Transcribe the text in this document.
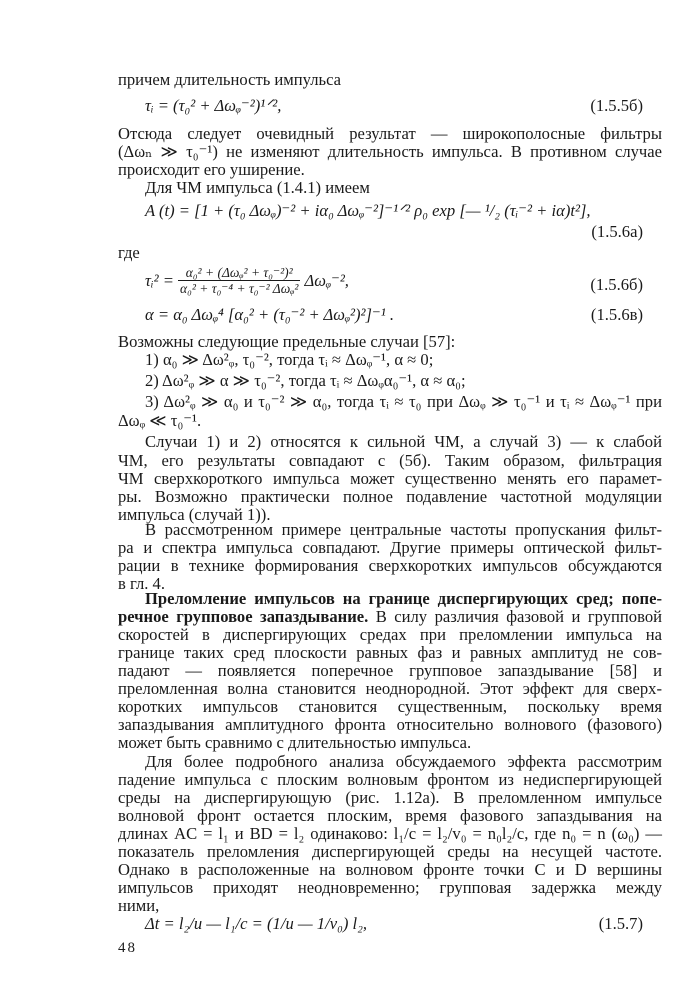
причем длительность импульса
τᵢ = (τ₀² + Δωᵩ⁻²)¹ᐟ²,	(1.5.5б)
Отсюда следует очевидный результат — широкополосные фильтры
(Δωₙ ≫ τ₀⁻¹) не изменяют длительность импульса. В противном случае
происходит его уширение.
Для ЧМ импульса (1.4.1) имеем
A (t) = [1 + (τ₀ Δωᵩ)⁻² + iα₀ Δωᵩ⁻²]⁻¹ᐟ² ρ₀ exp [— ¹/₂ (τᵢ⁻² + iα)t²],
(1.5.6а)
где
τᵢ² = $\frac{\text{α₀² + (Δωᵩ² + τ₀⁻²)²}}{\text{α₀² + τ₀⁻⁴ + τ₀⁻² Δωᵩ²}}$ Δωᵩ⁻²,	(1.5.6б)
α = α₀ Δωᵩ⁴ [α₀² + (τ₀⁻² + Δωᵩ²)²]⁻¹ .	(1.5.6в)
Возможны следующие предельные случаи [57]:
1) α₀ ≫ Δω²ᵩ, τ₀⁻², тогда τᵢ ≈ Δωᵩ⁻¹, α ≈ 0;
2) Δω²ᵩ ≫ α ≫ τ₀⁻², тогда τᵢ ≈ Δωᵩα₀⁻¹, α ≈ α₀;
3) Δω²ᵩ ≫ α₀ и τ₀⁻² ≫ α₀, тогда τᵢ ≈ τ₀ при Δωᵩ ≫ τ₀⁻¹ и τᵢ ≈ Δωᵩ⁻¹ при
Δωᵩ ≪ τ₀⁻¹.
Случаи 1) и 2) относятся к сильной ЧМ, а случай 3) — к слабой
ЧМ, его результаты совпадают с (5б). Таким образом, фильтрация
ЧМ сверхкороткого импульса может существенно менять его парамет-
ры. Возможно практически полное подавление частотной модуляции
импульса (случай 1)).
В рассмотренном примере центральные частоты пропускания фильт-
ра и спектра импульса совпадают. Другие примеры оптической фильт-
рации в технике формирования сверхкоротких импульсов обсуждаются
в гл. 4.
Преломление импульсов на границе диспергирующих сред; попе-
речное групповое запаздывание. В силу различия фазовой и групповой
скоростей в диспергирующих средах при преломлении импульса на
границе таких сред плоскости равных фаз и равных амплитуд не сов-
падают — появляется поперечное групповое запаздывание [58] и
преломленная волна становится неоднородной. Этот эффект для сверх-
коротких импульсов становится существенным, поскольку время
запаздывания амплитудного фронта относительно волнового (фазового)
может быть сравнимо с длительностью импульса.
Для более подробного анализа обсуждаемого эффекта рассмотрим
падение импульса с плоским волновым фронтом из недиспергирующей
среды на диспергирующую (рис. 1.12а). В преломленном импульсе
волновой фронт остается плоским, время фазового запаздывания на
длинах AC = l₁ и BD = l₂ одинаково: l₁/c = l₂/v₀ = n₀l₂/c, где n₀ = n (ω₀) —
показатель преломления диспергирующей среды на несущей частоте.
Однако в расположенные на волновом фронте точки C и D вершины
импульсов приходят неодновременно; групповая задержка между
ними,
Δt = l₂/u — l₁/c = (1/u — 1/v₀) l₂,	(1.5.7)
48
